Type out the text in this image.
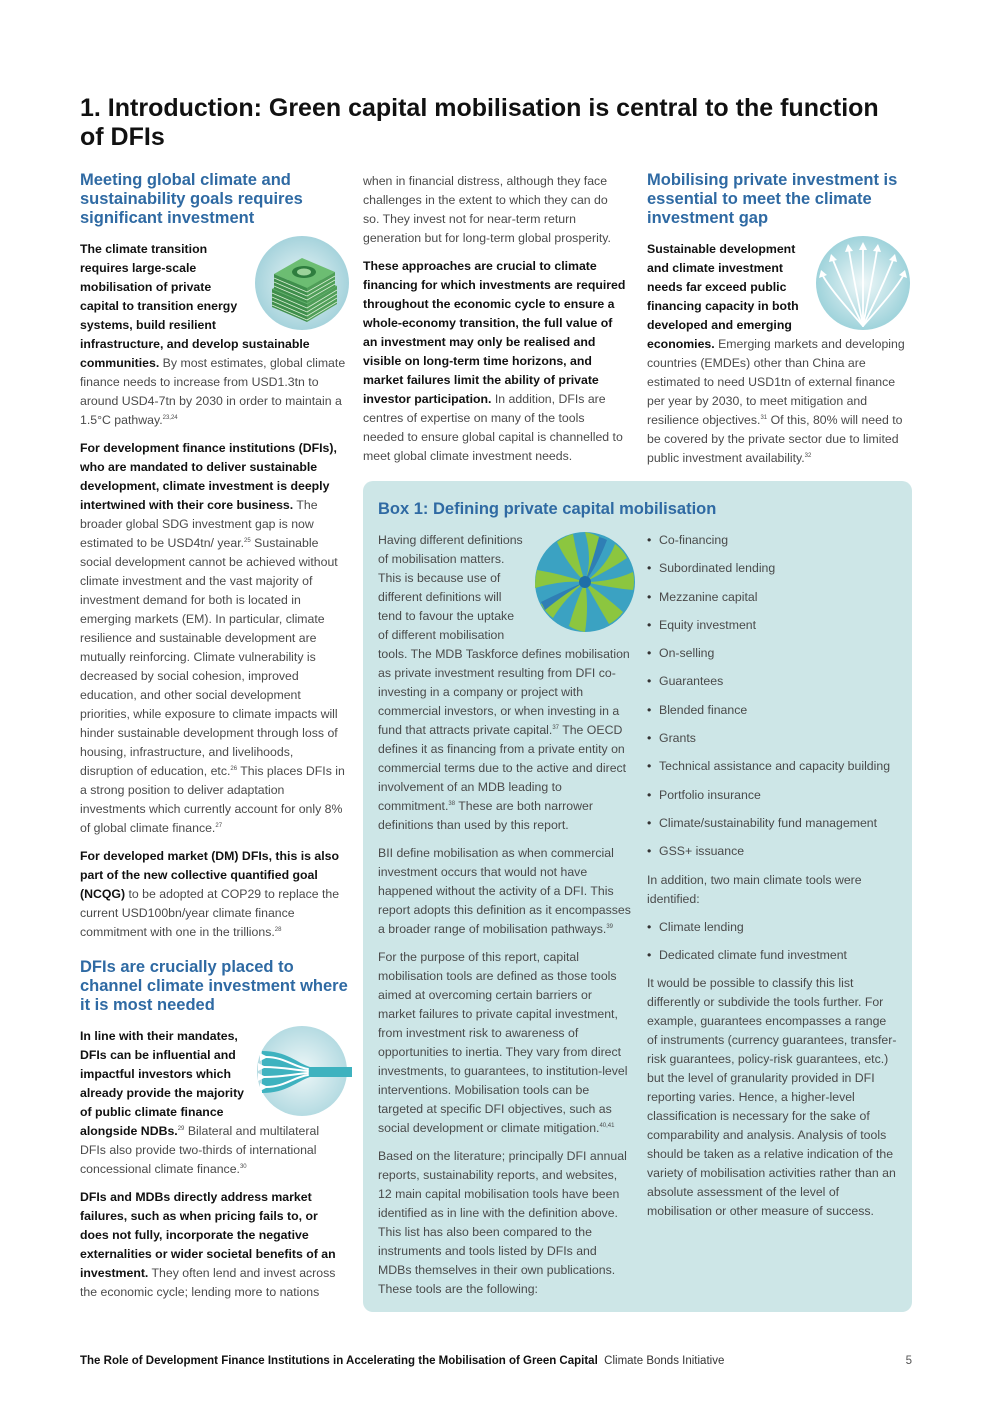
1. Introduction: Green capital mobilisation is central to the function of DFIs
Meeting global climate and sustainability goals requires significant investment

The climate transition requires large-scale mobilisation of private capital to transition energy systems, build resilient infrastructure, and develop sustainable communities. By most estimates, global climate finance needs to increase from USD1.3tn to around USD4-7tn by 2030 in order to maintain a 1.5°C pathway.$^{23,24}$

For development finance institutions (DFIs), who are mandated to deliver sustainable development, climate investment is deeply intertwined with their core business. The broader global SDG investment gap is now estimated to be USD4tn/ year.$^{25}$ Sustainable social development cannot be achieved without climate investment and the vast majority of investment demand for both is located in emerging markets (EM). In particular, climate resilience and sustainable development are mutually reinforcing. Climate vulnerability is decreased by social cohesion, improved education, and other social development priorities, while exposure to climate impacts will hinder sustainable development through loss of housing, infrastructure, and livelihoods, disruption of education, etc.$^{26}$ This places DFIs in a strong position to deliver adaptation investments which currently account for only 8% of global climate finance.$^{27}$

For developed market (DM) DFIs, this is also part of the new collective quantified goal (NCQG) to be adopted at COP29 to replace the current USD100bn/year climate finance commitment with one in the trillions.$^{28}$

DFIs are crucially placed to channel climate investment where it is most needed

In line with their mandates, DFIs can be influential and impactful investors which already provide the majority of public climate finance alongside NDBs.$^{29}$ Bilateral and multilateral DFIs also provide two-thirds of international concessional climate finance.$^{30}$

DFIs and MDBs directly address market failures, such as when pricing fails to, or does not fully, incorporate the negative externalities or wider societal benefits of an investment. They often lend and invest across the economic cycle; lending more to nations

when in financial distress, although they face challenges in the extent to which they can do so. They invest not for near-term return generation but for long-term global prosperity.

These approaches are crucial to climate financing for which investments are required throughout the economic cycle to ensure a whole-economy transition, the full value of an investment may only be realised and visible on long-term time horizons, and market failures limit the ability of private investor participation. In addition, DFIs are centres of expertise on many of the tools needed to ensure global capital is channelled to meet global climate investment needs.

Mobilising private investment is essential to meet the climate investment gap

Sustainable development and climate investment needs far exceed public financing capacity in both developed and emerging economies. Emerging markets and developing countries (EMDEs) other than China are estimated to need USD1tn of external finance per year by 2030, to meet mitigation and resilience objectives.$^{31}$ Of this, 80% will need to be covered by the private sector due to limited public investment availability.$^{32}$

Box 1: Defining private capital mobilisation

Having different definitions of mobilisation matters. This is because use of different definitions will tend to favour the uptake of different mobilisation tools. The MDB Taskforce defines mobilisation as private investment resulting from DFI co-investing in a company or project with commercial investors, or when investing in a fund that attracts private capital.$^{37}$ The OECD defines it as financing from a private entity on commercial terms due to the active and direct involvement of an MDB leading to commitment.$^{38}$ These are both narrower definitions than used by this report.

BII define mobilisation as when commercial investment occurs that would not have happened without the activity of a DFI. This report adopts this definition as it encompasses a broader range of mobilisation pathways.$^{39}$

For the purpose of this report, capital mobilisation tools are defined as those tools aimed at overcoming certain barriers or market failures to private capital investment, from investment risk to awareness of opportunities to inertia. They vary from direct investments, to guarantees, to institution-level interventions. Mobilisation tools can be targeted at specific DFI objectives, such as social development or climate mitigation.$^{40,41}$

Based on the literature; principally DFI annual reports, sustainability reports, and websites, 12 main capital mobilisation tools have been identified as in line with the definition above. This list has also been compared to the instruments and tools listed by DFIs and MDBs themselves in their own publications. These tools are the following:

• Co-financing
• Subordinated lending
• Mezzanine capital
• Equity investment
• On-selling
• Guarantees
• Blended finance
• Grants
• Technical assistance and capacity building
• Portfolio insurance
• Climate/sustainability fund management
• GSS+ issuance

In addition, two main climate tools were identified:

• Climate lending
• Dedicated climate fund investment

It would be possible to classify this list differently or subdivide the tools further. For example, guarantees encompasses a range of instruments (currency guarantees, transfer-risk guarantees, policy-risk guarantees, etc.) but the level of granularity provided in DFI reporting varies. Hence, a higher-level classification is necessary for the sake of comparability and analysis. Analysis of tools should be taken as a relative indication of the variety of mobilisation activities rather than an absolute assessment of the level of mobilisation or other measure of success.

The Role of Development Finance Institutions in Accelerating the Mobilisation of Green Capital Climate Bonds Initiative	5
